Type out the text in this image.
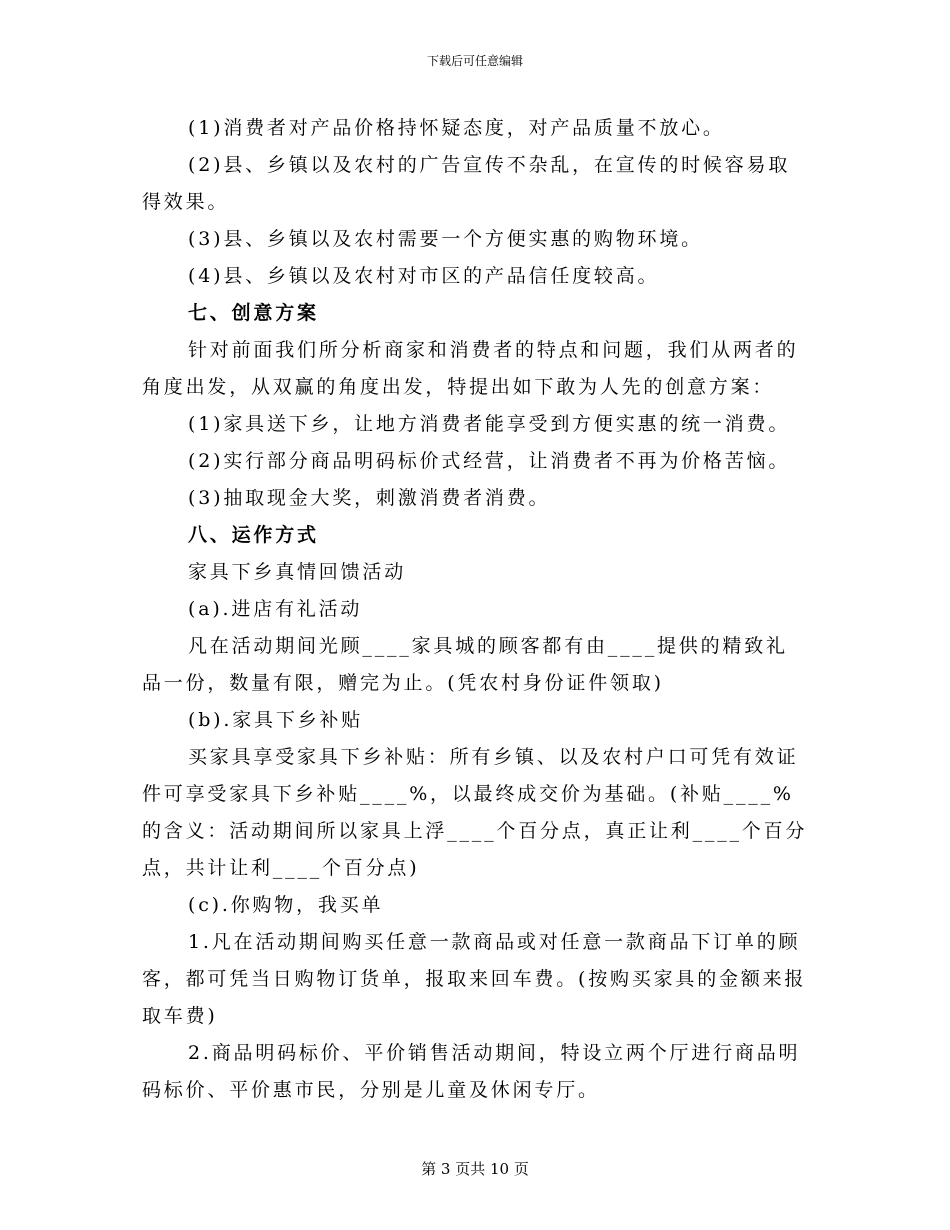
下载后可任意编辑

(1)消费者对产品价格持怀疑态度，对产品质量不放心。

(2)县、乡镇以及农村的广告宣传不杂乱，在宣传的时候容易取得效果。

(3)县、乡镇以及农村需要一个方便实惠的购物环境。

(4)县、乡镇以及农村对市区的产品信任度较高。

七、创意方案

针对前面我们所分析商家和消费者的特点和问题，我们从两者的角度出发，从双赢的角度出发，特提出如下敢为人先的创意方案：

(1)家具送下乡，让地方消费者能享受到方便实惠的统一消费。

(2)实行部分商品明码标价式经营，让消费者不再为价格苦恼。

(3)抽取现金大奖，刺激消费者消费。

八、运作方式

家具下乡真情回馈活动

(a).进店有礼活动

凡在活动期间光顾____家具城的顾客都有由____提供的精致礼品一份，数量有限，赠完为止。(凭农村身份证件领取)

(b).家具下乡补贴

买家具享受家具下乡补贴：所有乡镇、以及农村户口可凭有效证件可享受家具下乡补贴____%，以最终成交价为基础。(补贴____%的含义：活动期间所以家具上浮____个百分点，真正让利____个百分点，共计让利____个百分点)

(c).你购物，我买单

1.凡在活动期间购买任意一款商品或对任意一款商品下订单的顾客，都可凭当日购物订货单，报取来回车费。(按购买家具的金额来报取车费)

2.商品明码标价、平价销售活动期间，特设立两个厅进行商品明码标价、平价惠市民，分别是儿童及休闲专厅。

第 3 页共 10 页
